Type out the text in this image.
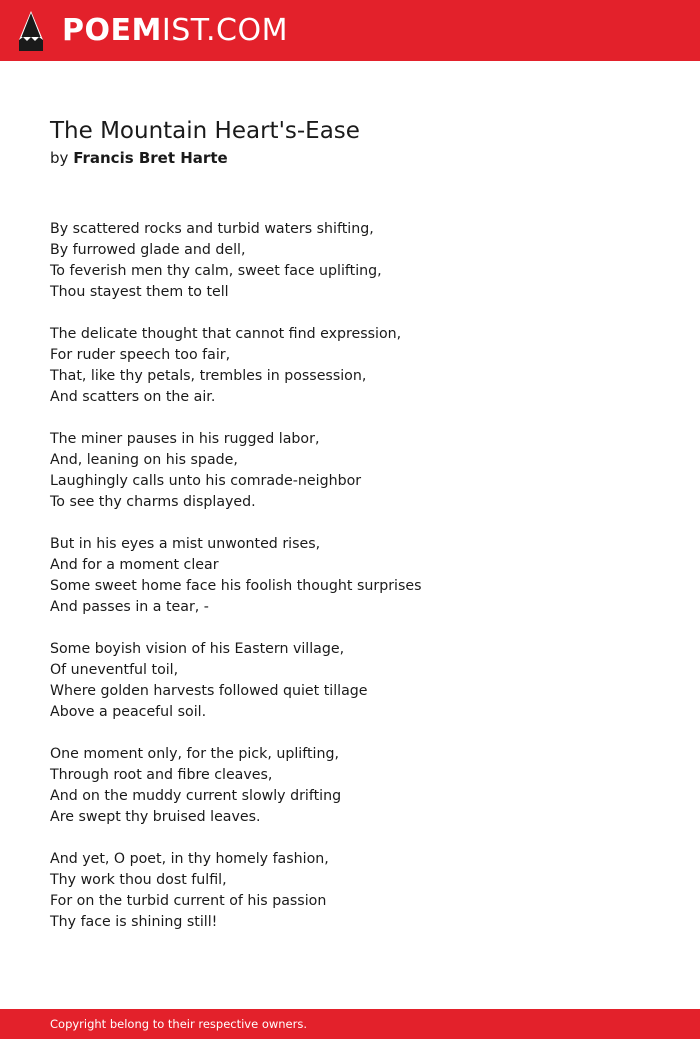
POEMIST.COM
The Mountain Heart's-Ease
by Francis Bret Harte
By scattered rocks and turbid waters shifting,
By furrowed glade and dell,
To feverish men thy calm, sweet face uplifting,
Thou stayest them to tell
The delicate thought that cannot find expression,
For ruder speech too fair,
That, like thy petals, trembles in possession,
And scatters on the air.
The miner pauses in his rugged labor,
And, leaning on his spade,
Laughingly calls unto his comrade-neighbor
To see thy charms displayed.
But in his eyes a mist unwonted rises,
And for a moment clear
Some sweet home face his foolish thought surprises
And passes in a tear, -
Some boyish vision of his Eastern village,
Of uneventful toil,
Where golden harvests followed quiet tillage
Above a peaceful soil.
One moment only, for the pick, uplifting,
Through root and fibre cleaves,
And on the muddy current slowly drifting
Are swept thy bruised leaves.
And yet, O poet, in thy homely fashion,
Thy work thou dost fulfil,
For on the turbid current of his passion
Thy face is shining still!
Copyright belong to their respective owners.
